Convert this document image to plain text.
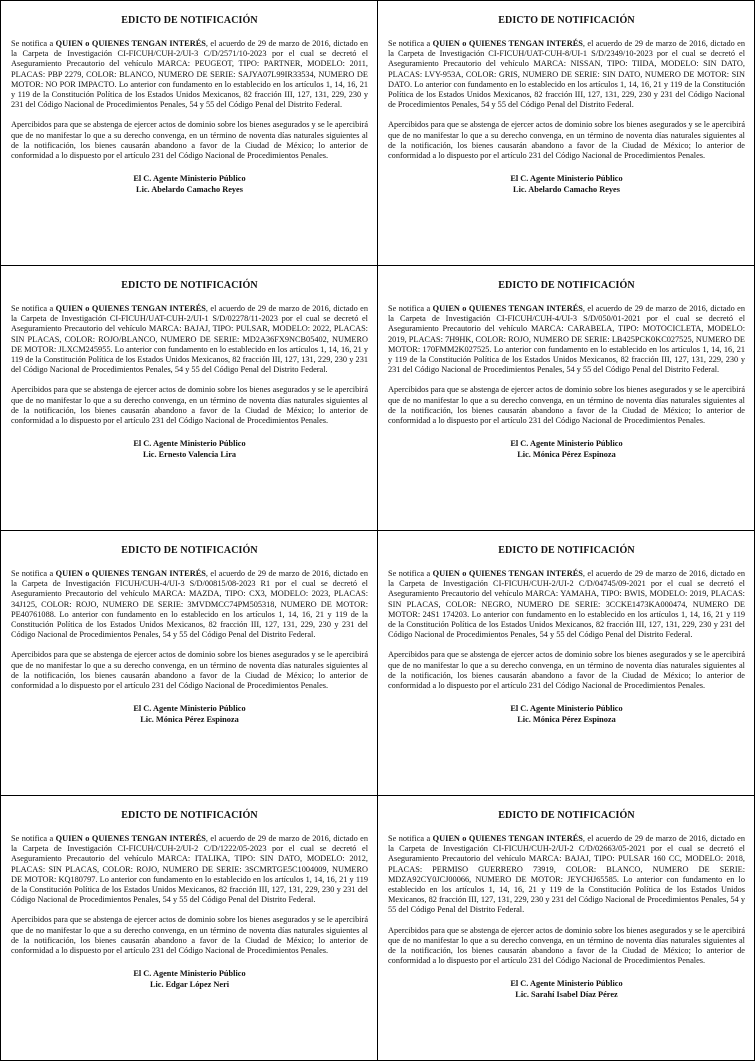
EDICTO DE NOTIFICACIÓN

Se notifica a QUIEN o QUIENES TENGAN INTERÉS, el acuerdo de 29 de marzo de 2016, dictado en la Carpeta de Investigación CI-FICUH/CUH-2/UI-3 C/D/2571/10-2023 por el cual se decretó el Aseguramiento Precautorio del vehículo MARCA: PEUGEOT, TIPO: PARTNER, MODELO: 2011, PLACAS: PBP 2279, COLOR: BLANCO, NUMERO DE SERIE: SAJYA07L99IR33534, NUMERO DE MOTOR: NO POR IMPACTO. Lo anterior con fundamento en lo establecido en los artículos 1, 14, 16, 21 y 119 de la Constitución Política de los Estados Unidos Mexicanos, 82 fracción III, 127, 131, 229, 230 y 231 del Código Nacional de Procedimientos Penales, 54 y 55 del Código Penal del Distrito Federal.

Apercibidos para que se abstenga de ejercer actos de dominio sobre los bienes asegurados y se le apercibirá que de no manifestar lo que a su derecho convenga, en un término de noventa días naturales siguientes al de la notificación, los bienes causarán abandono a favor de la Ciudad de México; lo anterior de conformidad a lo dispuesto por el artículo 231 del Código Nacional de Procedimientos Penales.

El C. Agente Ministerio Público
Lic. Abelardo Camacho Reyes
EDICTO DE NOTIFICACIÓN

Se notifica a QUIEN o QUIENES TENGAN INTERÉS, el acuerdo de 29 de marzo de 2016, dictado en la Carpeta de Investigación CI-FICUH/UAT-CUH-8/UI-1 S/D/2349/10-2023 por el cual se decretó el Aseguramiento Precautorio del vehículo MARCA: NISSAN, TIPO: TIIDA, MODELO: SIN DATO, PLACAS: LVY-953A, COLOR: GRIS, NUMERO DE SERIE: SIN DATO, NUMERO DE MOTOR: SIN DATO. Lo anterior con fundamento en lo establecido en los artículos 1, 14, 16, 21 y 119 de la Constitución Política de los Estados Unidos Mexicanos, 82 fracción III, 127, 131, 229, 230 y 231 del Código Nacional de Procedimientos Penales, 54 y 55 del Código Penal del Distrito Federal.

Apercibidos para que se abstenga de ejercer actos de dominio sobre los bienes asegurados y se le apercibirá que de no manifestar lo que a su derecho convenga, en un término de noventa días naturales siguientes al de la notificación, los bienes causarán abandono a favor de la Ciudad de México; lo anterior de conformidad a lo dispuesto por el artículo 231 del Código Nacional de Procedimientos Penales.

El C. Agente Ministerio Público
Lic. Abelardo Camacho Reyes
EDICTO DE NOTIFICACIÓN

Se notifica a QUIEN o QUIENES TENGAN INTERÉS, el acuerdo de 29 de marzo de 2016, dictado en la Carpeta de Investigación CI-FICUH/UAT-CUH-2/UI-1 S/D/02278/11-2023 por el cual se decretó el Aseguramiento Precautorio del vehículo MARCA: BAJAJ, TIPO: PULSAR, MODELO: 2022, PLACAS: SIN PLACAS, COLOR: ROJO/BLANCO, NUMERO DE SERIE: MD2A36FX9NCB05402, NUMERO DE MOTOR: JLXCM245955. Lo anterior con fundamento en lo establecido en los artículos 1, 14, 16, 21 y 119 de la Constitución Política de los Estados Unidos Mexicanos, 82 fracción III, 127, 131, 229, 230 y 231 del Código Nacional de Procedimientos Penales, 54 y 55 del Código Penal del Distrito Federal.

Apercibidos para que se abstenga de ejercer actos de dominio sobre los bienes asegurados y se le apercibirá que de no manifestar lo que a su derecho convenga, en un término de noventa días naturales siguientes al de la notificación, los bienes causarán abandono a favor de la Ciudad de México; lo anterior de conformidad a lo dispuesto por el artículo 231 del Código Nacional de Procedimientos Penales.

El C. Agente Ministerio Público
Lic. Ernesto Valencia Lira
EDICTO DE NOTIFICACIÓN

Se notifica a QUIEN o QUIENES TENGAN INTERÉS, el acuerdo de 29 de marzo de 2016, dictado en la Carpeta de Investigación CI-FICUH/CUH-4/UI-3 S/D/050/01-2021 por el cual se decretó el Aseguramiento Precautorio del vehículo MARCA: CARABELA, TIPO: MOTOCICLETA, MODELO: 2019, PLACAS: 7H9HK, COLOR: ROJO, NUMERO DE SERIE: LB425PCK0KC027525, NUMERO DE MOTOR: 170FMM2K027525. Lo anterior con fundamento en lo establecido en los artículos 1, 14, 16, 21 y 119 de la Constitución Política de los Estados Unidos Mexicanos, 82 fracción III, 127, 131, 229, 230 y 231 del Código Nacional de Procedimientos Penales, 54 y 55 del Código Penal del Distrito Federal.

Apercibidos para que se abstenga de ejercer actos de dominio sobre los bienes asegurados y se le apercibirá que de no manifestar lo que a su derecho convenga, en un término de noventa días naturales siguientes al de la notificación, los bienes causarán abandono a favor de la Ciudad de México; lo anterior de conformidad a lo dispuesto por el artículo 231 del Código Nacional de Procedimientos Penales.

El C. Agente Ministerio Público
Lic. Mónica Pérez Espinoza
EDICTO DE NOTIFICACIÓN

Se notifica a QUIEN o QUIENES TENGAN INTERÉS, el acuerdo de 29 de marzo de 2016, dictado en la Carpeta de Investigación FICUH/CUH-4/UI-3 S/D/00815/08-2023 R1 por el cual se decretó el Aseguramiento Precautorio del vehículo MARCA: MAZDA, TIPO: CX3, MODELO: 2023, PLACAS: 34J125, COLOR: ROJO, NUMERO DE SERIE: 3MVDMCC74PM505318, NUMERO DE MOTOR: PE40761088. Lo anterior con fundamento en lo establecido en los artículos 1, 14, 16, 21 y 119 de la Constitución Política de los Estados Unidos Mexicanos, 82 fracción III, 127, 131, 229, 230 y 231 del Código Nacional de Procedimientos Penales, 54 y 55 del Código Penal del Distrito Federal.

Apercibidos para que se abstenga de ejercer actos de dominio sobre los bienes asegurados y se le apercibirá que de no manifestar lo que a su derecho convenga, en un término de noventa días naturales siguientes al de la notificación, los bienes causarán abandono a favor de la Ciudad de México; lo anterior de conformidad a lo dispuesto por el artículo 231 del Código Nacional de Procedimientos Penales.

El C. Agente Ministerio Público
Lic. Mónica Pérez Espinoza
EDICTO DE NOTIFICACIÓN

Se notifica a QUIEN o QUIENES TENGAN INTERÉS, el acuerdo de 29 de marzo de 2016, dictado en la Carpeta de Investigación CI-FICUH/CUH-2/UI-2 C/D/04745/09-2021 por el cual se decretó el Aseguramiento Precautorio del vehículo MARCA: YAMAHA, TIPO: BWIS, MODELO: 2019, PLACAS: SIN PLACAS, COLOR: NEGRO, NUMERO DE SERIE: 3CCKE1473KA000474, NUMERO DE MOTOR: 24S1 174203. Lo anterior con fundamento en lo establecido en los artículos 1, 14, 16, 21 y 119 de la Constitución Política de los Estados Unidos Mexicanos, 82 fracción III, 127, 131, 229, 230 y 231 del Código Nacional de Procedimientos Penales, 54 y 55 del Código Penal del Distrito Federal.

Apercibidos para que se abstenga de ejercer actos de dominio sobre los bienes asegurados y se le apercibirá que de no manifestar lo que a su derecho convenga, en un término de noventa días naturales siguientes al de la notificación, los bienes causarán abandono a favor de la Ciudad de México; lo anterior de conformidad a lo dispuesto por el artículo 231 del Código Nacional de Procedimientos Penales.

El C. Agente Ministerio Público
Lic. Mónica Pérez Espinoza
EDICTO DE NOTIFICACIÓN

Se notifica a QUIEN o QUIENES TENGAN INTERÉS, el acuerdo de 29 de marzo de 2016, dictado en la Carpeta de Investigación CI-FICUH/CUH-2/UI-2 C/D/1222/05-2023 por el cual se decretó el Aseguramiento Precautorio del vehículo MARCA: ITALIKA, TIPO: SIN DATO, MODELO: 2012, PLACAS: SIN PLACAS, COLOR: ROJO, NUMERO DE SERIE: 3SCMRTGE5C1004009, NUMERO DE MOTOR: KQ180797. Lo anterior con fundamento en lo establecido en los artículos 1, 14, 16, 21 y 119 de la Constitución Política de los Estados Unidos Mexicanos, 82 fracción III, 127, 131, 229, 230 y 231 del Código Nacional de Procedimientos Penales, 54 y 55 del Código Penal del Distrito Federal.

Apercibidos para que se abstenga de ejercer actos de dominio sobre los bienes asegurados y se le apercibirá que de no manifestar lo que a su derecho convenga, en un término de noventa días naturales siguientes al de la notificación, los bienes causarán abandono a favor de la Ciudad de México; lo anterior de conformidad a lo dispuesto por el artículo 231 del Código Nacional de Procedimientos Penales.

El C. Agente Ministerio Público
Lic. Edgar López Neri
EDICTO DE NOTIFICACIÓN

Se notifica a QUIEN o QUIENES TENGAN INTERÉS, el acuerdo de 29 de marzo de 2016, dictado en la Carpeta de Investigación CI-FICUH/CUH-2/UI-2 C/D/02663/05-2021 por el cual se decretó el Aseguramiento Precautorio del vehículo MARCA: BAJAJ, TIPO: PULSAR 160 CC, MODELO: 2018, PLACAS: PERMISO GUERRERO 73919, COLOR: BLANCO, NUMERO DE SERIE: MDZA92CY0JCJ00066, NUMERO DE MOTOR: JEYCHJ65585. Lo anterior con fundamento en lo establecido en los artículos 1, 14, 16, 21 y 119 de la Constitución Política de los Estados Unidos Mexicanos, 82 fracción III, 127, 131, 229, 230 y 231 del Código Nacional de Procedimientos Penales, 54 y 55 del Código Penal del Distrito Federal.

Apercibidos para que se abstenga de ejercer actos de dominio sobre los bienes asegurados y se le apercibirá que de no manifestar lo que a su derecho convenga, en un término de noventa días naturales siguientes al de la notificación, los bienes causarán abandono a favor de la Ciudad de México; lo anterior de conformidad a lo dispuesto por el artículo 231 del Código Nacional de Procedimientos Penales.

El C. Agente Ministerio Público
Lic. Sarahí Isabel Díaz Pérez
